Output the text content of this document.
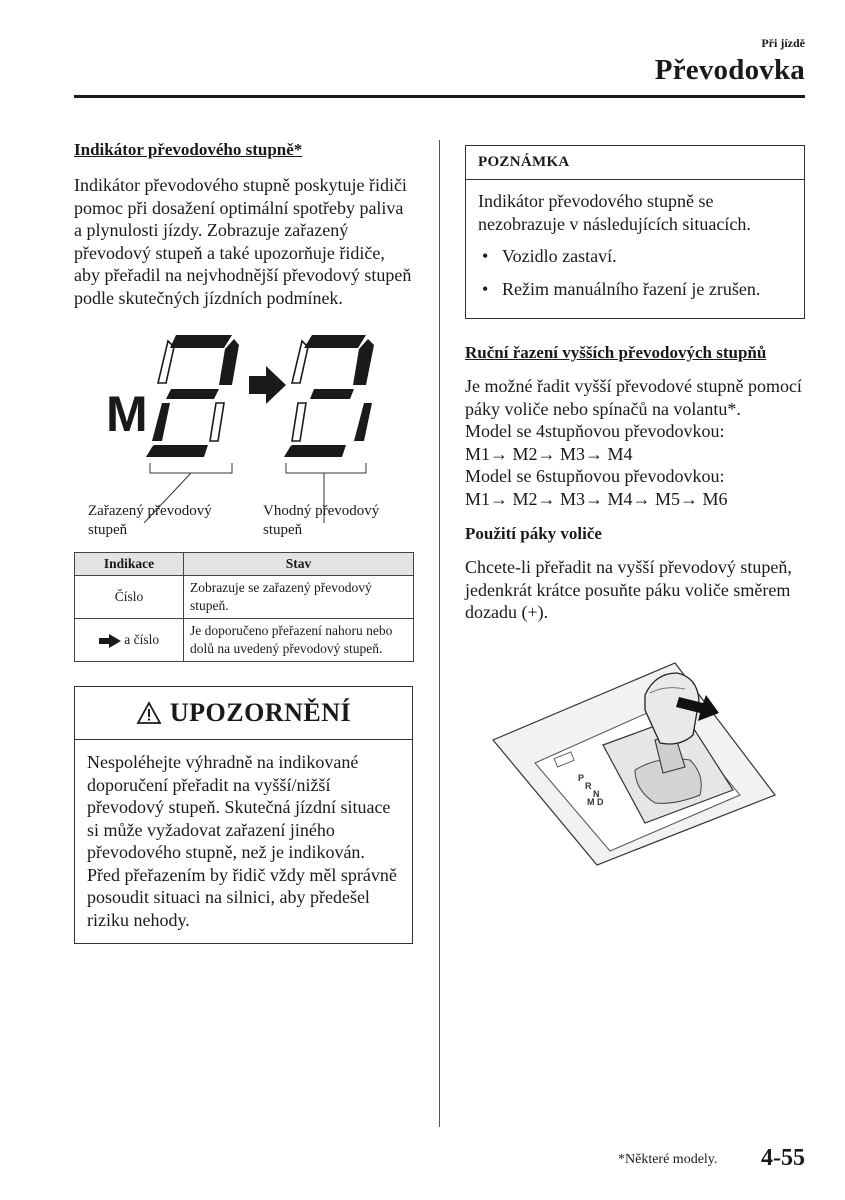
Při jízdě
Převodovka

Indikátor převodového stupně*

Indikátor převodového stupně poskytuje řidiči pomoc při dosažení optimální spotřeby paliva a plynulosti jízdy. Zobrazuje zařazený převodový stupeň a také upozorňuje řidiče, aby přeřadil na nejvhodnější převodový stupeň podle skutečných jízdních podmínek.

M
Zařazený převodový
stupeň
Vhodný převodový
stupeň
Indikace	Stav
Číslo	Zobrazuje se zařazený převodový stupeň.
a číslo	Je doporučeno přeřazení nahoru nebo dolů na uvedený převodový stupeň.
UPOZORNĚNÍ
Nespoléhejte výhradně na indikované doporučení přeřadit na vyšší/nižší převodový stupeň. Skutečná jízdní situace si může vyžadovat zařazení jiného převodového stupně, než je indikován. Před přeřazením by řidič vždy měl správně posoudit situaci na silnici, aby předešel riziku nehody.
POZNÁMKA
Indikátor převodového stupně se nezobrazuje v následujících situacích.
• Vozidlo zastaví.
• Režim manuálního řazení je zrušen.

Ruční řazení vyšších převodových stupňů

Je možné řadit vyšší převodové stupně pomocí páky voliče nebo spínačů na volantu*.

Model se 4stupňovou převodovkou:

M1→ M2→ M3→ M4

Model se 6stupňovou převodovkou:

M1→ M2→ M3→ M4→ M5→ M6

Použití páky voliče

Chcete-li přeřadit na vyšší převodový stupeň, jedenkrát krátce posuňte páku voliče směrem dozadu (+).

P
R
N
D
M
*Některé modely. 4-55
